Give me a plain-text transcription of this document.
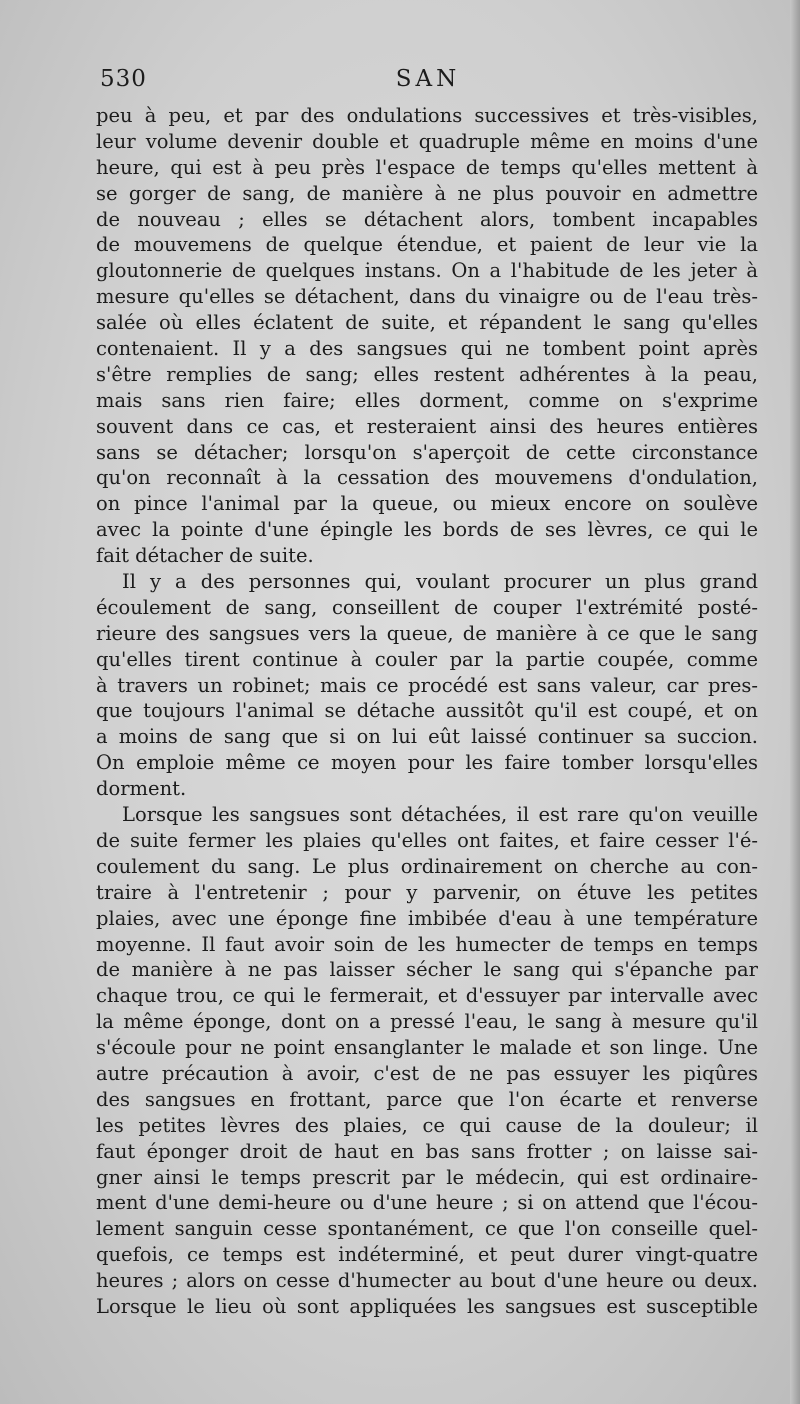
530	SAN
peu à peu, et par des ondulations successives et très-visibles,
leur volume devenir double et quadruple même en moins d'une
heure, qui est à peu près l'espace de temps qu'elles mettent à
se gorger de sang, de manière à ne plus pouvoir en admettre
de nouveau ; elles se détachent alors, tombent incapables
de mouvemens de quelque étendue, et paient de leur vie la
gloutonnerie de quelques instans. On a l'habitude de les jeter à
mesure qu'elles se détachent, dans du vinaigre ou de l'eau très-
salée où elles éclatent de suite, et répandent le sang qu'elles
contenaient. Il y a des sangsues qui ne tombent point après
s'être remplies de sang; elles restent adhérentes à la peau,
mais sans rien faire; elles dorment, comme on s'exprime
souvent dans ce cas, et resteraient ainsi des heures entières
sans se détacher; lorsqu'on s'aperçoit de cette circonstance
qu'on reconnaît à la cessation des mouvemens d'ondulation,
on pince l'animal par la queue, ou mieux encore on soulève
avec la pointe d'une épingle les bords de ses lèvres, ce qui le
fait détacher de suite.
Il y a des personnes qui, voulant procurer un plus grand
écoulement de sang, conseillent de couper l'extrémité posté-
rieure des sangsues vers la queue, de manière à ce que le sang
qu'elles tirent continue à couler par la partie coupée, comme
à travers un robinet; mais ce procédé est sans valeur, car pres-
que toujours l'animal se détache aussitôt qu'il est coupé, et on
a moins de sang que si on lui eût laissé continuer sa succion.
On emploie même ce moyen pour les faire tomber lorsqu'elles
dorment.
Lorsque les sangsues sont détachées, il est rare qu'on veuille
de suite fermer les plaies qu'elles ont faites, et faire cesser l'é-
coulement du sang. Le plus ordinairement on cherche au con-
traire à l'entretenir ; pour y parvenir, on étuve les petites
plaies, avec une éponge fine imbibée d'eau à une température
moyenne. Il faut avoir soin de les humecter de temps en temps
de manière à ne pas laisser sécher le sang qui s'épanche par
chaque trou, ce qui le fermerait, et d'essuyer par intervalle avec
la même éponge, dont on a pressé l'eau, le sang à mesure qu'il
s'écoule pour ne point ensanglanter le malade et son linge. Une
autre précaution à avoir, c'est de ne pas essuyer les piqûres
des sangsues en frottant, parce que l'on écarte et renverse
les petites lèvres des plaies, ce qui cause de la douleur; il
faut éponger droit de haut en bas sans frotter ; on laisse sai-
gner ainsi le temps prescrit par le médecin, qui est ordinaire-
ment d'une demi-heure ou d'une heure ; si on attend que l'écou-
lement sanguin cesse spontanément, ce que l'on conseille quel-
quefois, ce temps est indéterminé, et peut durer vingt-quatre
heures ; alors on cesse d'humecter au bout d'une heure ou deux.
Lorsque le lieu où sont appliquées les sangsues est susceptible
